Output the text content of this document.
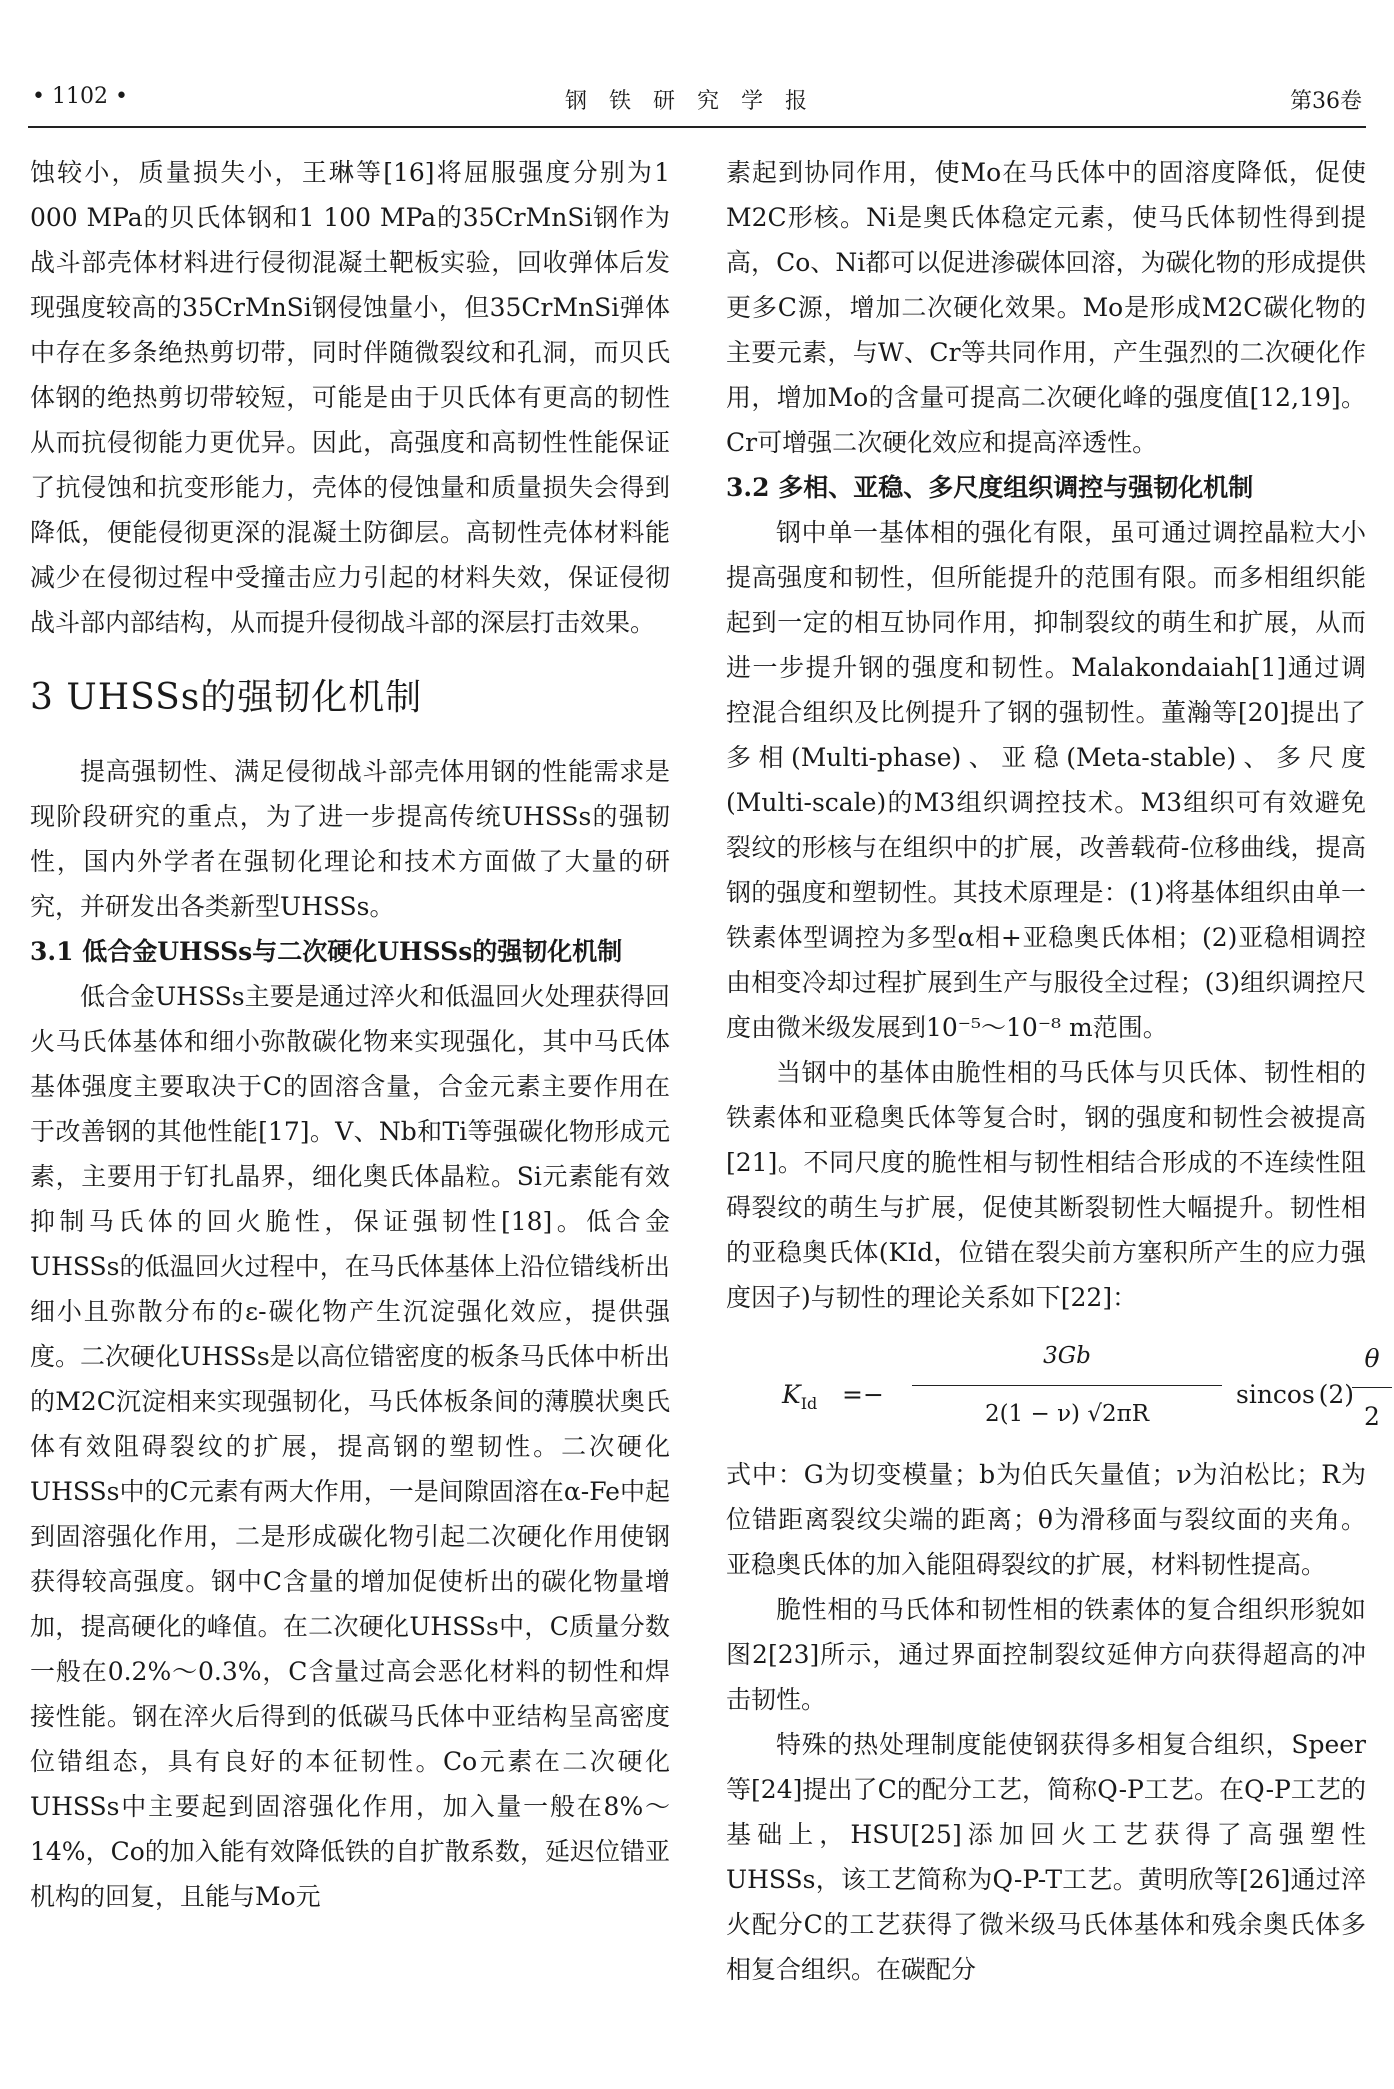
• 1102 •	钢铁研究学报	第36卷

蚀较小，质量损失小，王琳等[16]将屈服强度分别为1 000 MPa的贝氏体钢和1 100 MPa的35CrMnSi钢作为战斗部壳体材料进行侵彻混凝土靶板实验，回收弹体后发现强度较高的35CrMnSi钢侵蚀量小，但35CrMnSi弹体中存在多条绝热剪切带，同时伴随微裂纹和孔洞，而贝氏体钢的绝热剪切带较短，可能是由于贝氏体有更高的韧性从而抗侵彻能力更优异。因此，高强度和高韧性性能保证了抗侵蚀和抗变形能力，壳体的侵蚀量和质量损失会得到降低，便能侵彻更深的混凝土防御层。高韧性壳体材料能减少在侵彻过程中受撞击应力引起的材料失效，保证侵彻战斗部内部结构，从而提升侵彻战斗部的深层打击效果。

3 UHSSs的强韧化机制

提高强韧性、满足侵彻战斗部壳体用钢的性能需求是现阶段研究的重点，为了进一步提高传统UHSSs的强韧性，国内外学者在强韧化理论和技术方面做了大量的研究，并研发出各类新型UHSSs。

3.1 低合金UHSSs与二次硬化UHSSs的强韧化机制

低合金UHSSs主要是通过淬火和低温回火处理获得回火马氏体基体和细小弥散碳化物来实现强化，其中马氏体基体强度主要取决于C的固溶含量，合金元素主要作用在于改善钢的其他性能[17]。V、Nb和Ti等强碳化物形成元素，主要用于钉扎晶界，细化奥氏体晶粒。Si元素能有效抑制马氏体的回火脆性，保证强韧性[18]。低合金UHSSs的低温回火过程中，在马氏体基体上沿位错线析出细小且弥散分布的ε-碳化物产生沉淀强化效应，提供强度。二次硬化UHSSs是以高位错密度的板条马氏体中析出的M2C沉淀相来实现强韧化，马氏体板条间的薄膜状奥氏体有效阻碍裂纹的扩展，提高钢的塑韧性。二次硬化UHSSs中的C元素有两大作用，一是间隙固溶在α-Fe中起到固溶强化作用，二是形成碳化物引起二次硬化作用使钢获得较高强度。钢中C含量的增加促使析出的碳化物量增加，提高硬化的峰值。在二次硬化UHSSs中，C质量分数一般在0.2%～0.3%，C含量过高会恶化材料的韧性和焊接性能。钢在淬火后得到的低碳马氏体中亚结构呈高密度位错组态，具有良好的本征韧性。Co元素在二次硬化UHSSs中主要起到固溶强化作用，加入量一般在8%～14%，Co的加入能有效降低铁的自扩散系数，延迟位错亚机构的回复，且能与Mo元

素起到协同作用，使Mo在马氏体中的固溶度降低，促使M2C形核。Ni是奥氏体稳定元素，使马氏体韧性得到提高，Co、Ni都可以促进渗碳体回溶，为碳化物的形成提供更多C源，增加二次硬化效果。Mo是形成M2C碳化物的主要元素，与W、Cr等共同作用，产生强烈的二次硬化作用，增加Mo的含量可提高二次硬化峰的强度值[12,19]。Cr可增强二次硬化效应和提高淬透性。

3.2 多相、亚稳、多尺度组织调控与强韧化机制

钢中单一基体相的强化有限，虽可通过调控晶粒大小提高强度和韧性，但所能提升的范围有限。而多相组织能起到一定的相互协同作用，抑制裂纹的萌生和扩展，从而进一步提升钢的强度和韧性。Malakondaiah[1]通过调控混合组织及比例提升了钢的强韧性。董瀚等[20]提出了多相(Multi-phase)、亚稳(Meta-stable)、多尺度(Multi-scale)的M3组织调控技术。M3组织可有效避免裂纹的形核与在组织中的扩展，改善载荷-位移曲线，提高钢的强度和塑韧性。其技术原理是：(1)将基体组织由单一铁素体型调控为多型α相+亚稳奥氏体相；(2)亚稳相调控由相变冷却过程扩展到生产与服役全过程；(3)组织调控尺度由微米级发展到10⁻⁵～10⁻⁸ m范围。

当钢中的基体由脆性相的马氏体与贝氏体、韧性相的铁素体和亚稳奥氏体等复合时，钢的强度和韧性会被提高[21]。不同尺度的脆性相与韧性相结合形成的不连续性阻碍裂纹的萌生与扩展，促使其断裂韧性大幅提升。韧性相的亚稳奥氏体(KId，位错在裂尖前方塞积所产生的应力强度因子)与韧性的理论关系如下[22]：

$K_{Id}$ =−
3Gb
2(1 − ν) √2πR
sincos
θ
2
(2)

式中：G为切变模量；b为伯氏矢量值；ν为泊松比；R为位错距离裂纹尖端的距离；θ为滑移面与裂纹面的夹角。亚稳奥氏体的加入能阻碍裂纹的扩展，材料韧性提高。

脆性相的马氏体和韧性相的铁素体的复合组织形貌如图2[23]所示，通过界面控制裂纹延伸方向获得超高的冲击韧性。

特殊的热处理制度能使钢获得多相复合组织，Speer等[24]提出了C的配分工艺，简称Q-P工艺。在Q-P工艺的基础上，HSU[25]添加回火工艺获得了高强塑性UHSSs，该工艺简称为Q-P-T工艺。黄明欣等[26]通过淬火配分C的工艺获得了微米级马氏体基体和残余奥氏体多相复合组织。在碳配分
